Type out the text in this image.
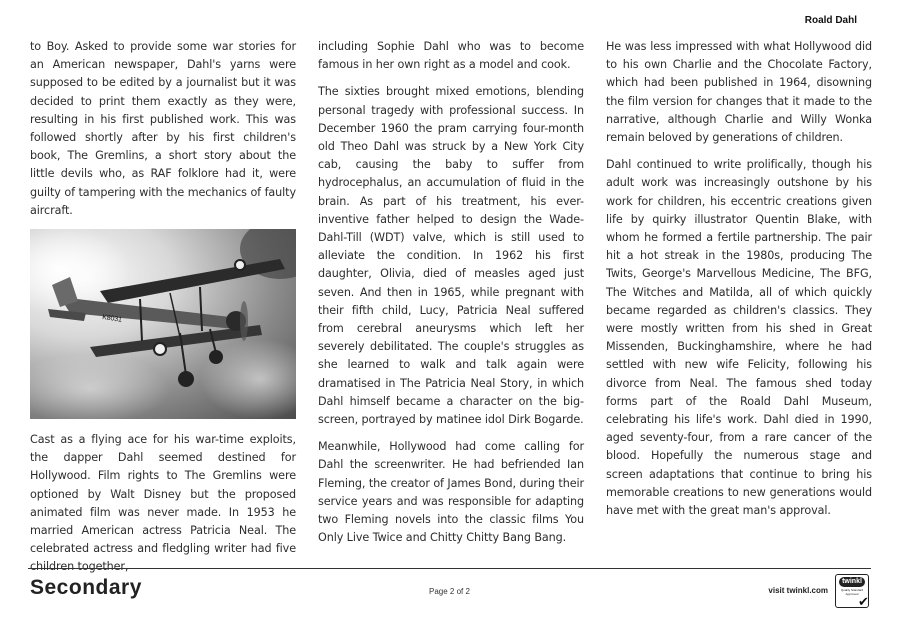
Roald Dahl

to Boy. Asked to provide some war stories for an American newspaper, Dahl's yarns were supposed to be edited by a journalist but it was decided to print them exactly as they were, resulting in his first published work. This was followed shortly after by his first children's book, The Gremlins, a short story about the little devils who, as RAF folklore had it, were guilty of tampering with the mechanics of faulty aircraft.

K8031

Cast as a flying ace for his war-time exploits, the dapper Dahl seemed destined for Hollywood. Film rights to The Gremlins were optioned by Walt Disney but the proposed animated film was never made. In 1953 he married American actress Patricia Neal. The celebrated actress and fledgling writer had five children together,

including Sophie Dahl who was to become famous in her own right as a model and cook.

The sixties brought mixed emotions, blending personal tragedy with professional success. In December 1960 the pram carrying four-month old Theo Dahl was struck by a New York City cab, causing the baby to suffer from hydrocephalus, an accumulation of fluid in the brain. As part of his treatment, his ever-inventive father helped to design the Wade-Dahl-Till (WDT) valve, which is still used to alleviate the condition. In 1962 his first daughter, Olivia, died of measles aged just seven. And then in 1965, while pregnant with their fifth child, Lucy, Patricia Neal suffered from cerebral aneurysms which left her severely debilitated. The couple's struggles as she learned to walk and talk again were dramatised in The Patricia Neal Story, in which Dahl himself became a character on the big-screen, portrayed by matinee idol Dirk Bogarde.

Meanwhile, Hollywood had come calling for Dahl the screenwriter. He had befriended Ian Fleming, the creator of James Bond, during their service years and was responsible for adapting two Fleming novels into the classic films You Only Live Twice and Chitty Chitty Bang Bang.

He was less impressed with what Hollywood did to his own Charlie and the Chocolate Factory, which had been published in 1964, disowning the film version for changes that it made to the narrative, although Charlie and Willy Wonka remain beloved by generations of children.

Dahl continued to write prolifically, though his adult work was increasingly outshone by his work for children, his eccentric creations given life by quirky illustrator Quentin Blake, with whom he formed a fertile partnership. The pair hit a hot streak in the 1980s, producing The Twits, George's Marvellous Medicine, The BFG, The Witches and Matilda, all of which quickly became regarded as children's classics. They were mostly written from his shed in Great Missenden, Buckinghamshire, where he had settled with new wife Felicity, following his divorce from Neal. The famous shed today forms part of the Roald Dahl Museum, celebrating his life's work. Dahl died in 1990, aged seventy-four, from a rare cancer of the blood. Hopefully the numerous stage and screen adaptations that continue to bring his memorable creations to new generations would have met with the great man's approval.

Secondary	Page 2 of 2	visit twinkl.com
twinkl
Quality Standard Approved
✔
